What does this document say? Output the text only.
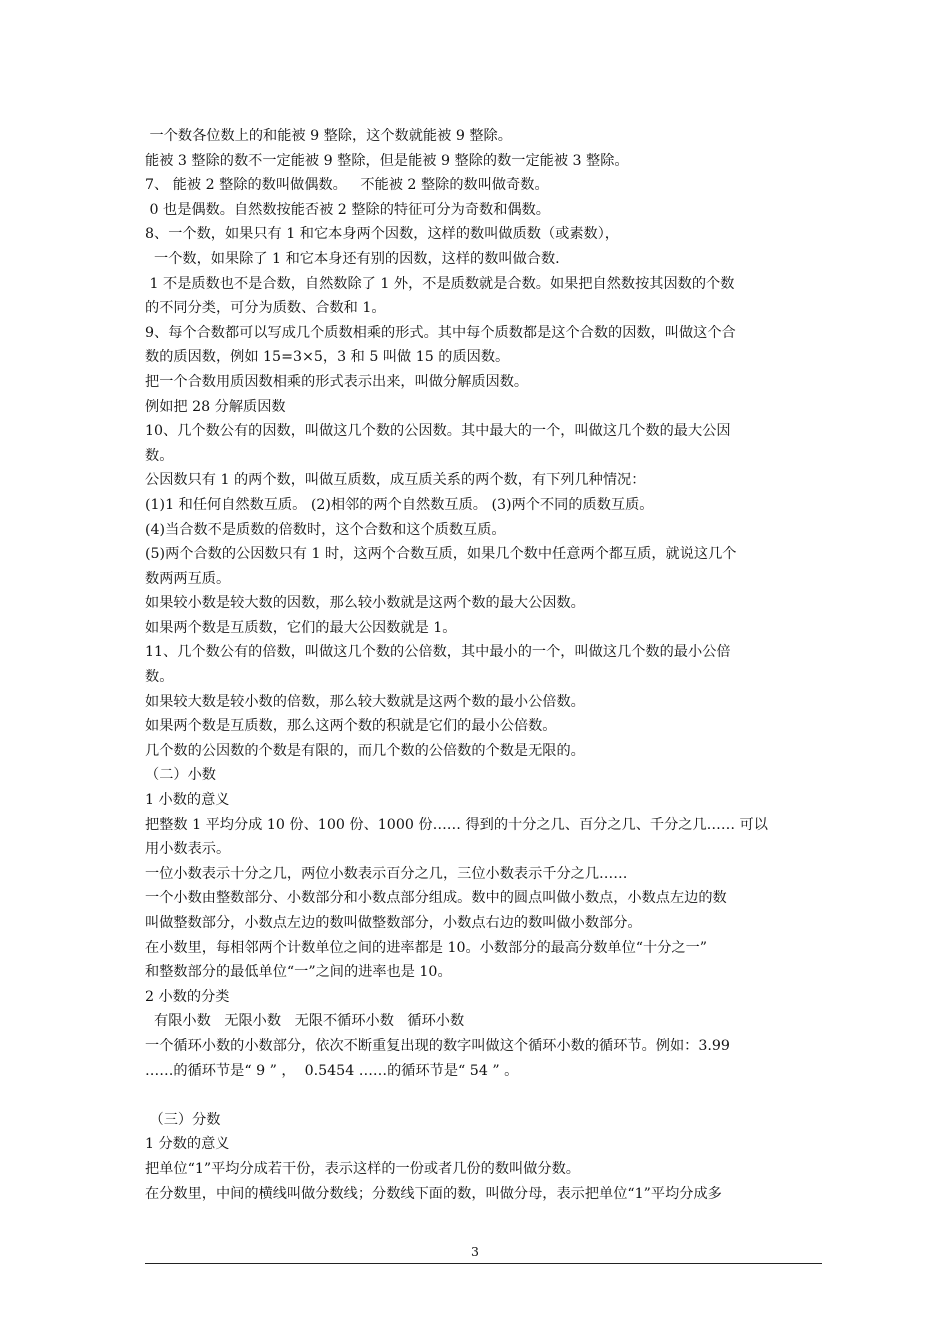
一个数各位数上的和能被 9 整除，这个数就能被 9 整除。
能被 3 整除的数不一定能被 9 整除，但是能被 9 整除的数一定能被 3 整除。
7、 能被 2 整除的数叫做偶数。   不能被 2 整除的数叫做奇数。
0 也是偶数。自然数按能否被 2 整除的特征可分为奇数和偶数。
8、一个数，如果只有 1 和它本身两个因数，这样的数叫做质数（或素数），
一个数，如果除了 1 和它本身还有别的因数，这样的数叫做合数.
1 不是质数也不是合数，自然数除了 1 外，不是质数就是合数。如果把自然数按其因数的个数
的不同分类，可分为质数、合数和 1。
9、每个合数都可以写成几个质数相乘的形式。其中每个质数都是这个合数的因数，叫做这个合
数的质因数，例如 15=3×5，3 和 5 叫做 15 的质因数。
把一个合数用质因数相乘的形式表示出来，叫做分解质因数。
例如把 28 分解质因数
10、几个数公有的因数，叫做这几个数的公因数。其中最大的一个，叫做这几个数的最大公因
数。
公因数只有 1 的两个数，叫做互质数，成互质关系的两个数，有下列几种情况：
(1)1 和任何自然数互质。 (2)相邻的两个自然数互质。 (3)两个不同的质数互质。
(4)当合数不是质数的倍数时，这个合数和这个质数互质。
(5)两个合数的公因数只有 1 时，这两个合数互质，如果几个数中任意两个都互质，就说这几个
数两两互质。
如果较小数是较大数的因数，那么较小数就是这两个数的最大公因数。
如果两个数是互质数，它们的最大公因数就是 1。
11、几个数公有的倍数，叫做这几个数的公倍数，其中最小的一个，叫做这几个数的最小公倍
数。
如果较大数是较小数的倍数，那么较大数就是这两个数的最小公倍数。
如果两个数是互质数，那么这两个数的积就是它们的最小公倍数。
几个数的公因数的个数是有限的，而几个数的公倍数的个数是无限的。
（二）小数
1 小数的意义
把整数 1 平均分成 10 份、100 份、1000 份…… 得到的十分之几、百分之几、千分之几…… 可以
用小数表示。
一位小数表示十分之几，两位小数表示百分之几，三位小数表示千分之几……
一个小数由整数部分、小数部分和小数点部分组成。数中的圆点叫做小数点，小数点左边的数
叫做整数部分，小数点左边的数叫做整数部分，小数点右边的数叫做小数部分。
在小数里，每相邻两个计数单位之间的进率都是 10。小数部分的最高分数单位“十分之一”
和整数部分的最低单位“一”之间的进率也是 10。
2 小数的分类
有限小数   无限小数   无限不循环小数   循环小数
一个循环小数的小数部分，依次不断重复出现的数字叫做这个循环小数的循环节。例如：3.99
……的循环节是“ 9 ” ，  0.5454 ……的循环节是“ 54 ” 。
（三）分数
1 分数的意义
把单位“1”平均分成若干份，表示这样的一份或者几份的数叫做分数。
在分数里，中间的横线叫做分数线；分数线下面的数，叫做分母，表示把单位“1”平均分成多
3
